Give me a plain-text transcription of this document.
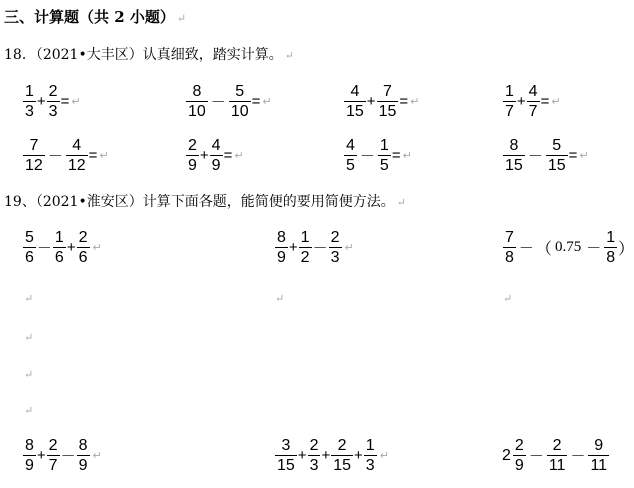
三、计算题（共 2 小题） ↵
18．（2021•大丰区）认真细致，踏实计算。 ↵
$\frac{1}{3} + \frac{2}{3}$ = ↵	$\frac{8}{10} - \frac{5}{10}$ = ↵	$\frac{4}{15} + \frac{7}{15}$ = ↵	$\frac{1}{7} + \frac{4}{7}$ = ↵
$\frac{7}{12} - \frac{4}{12}$ = ↵	$\frac{2}{9} + \frac{4}{9}$ = ↵	$\frac{4}{5} - \frac{1}{5}$ = ↵	$\frac{8}{15} - \frac{5}{15}$ = ↵
19、（2021•淮安区）计算下面各题，能简便的要用简便方法。 ↵
$\frac{5}{6} - \frac{1}{6} + \frac{2}{6}$ ↵	$\frac{8}{9} + \frac{1}{2} - \frac{2}{3}$ ↵	$\frac{7}{8}$ － （ $0.75 - \frac{1}{8}$ ）
↵	↵	↵
↵
↵
↵
$\frac{8}{9} + \frac{2}{7} - \frac{8}{9}$ ↵	$\frac{3}{15} + \frac{2}{3} + \frac{2}{15} + \frac{1}{3}$ ↵	$2 \frac{2}{9} - \frac{2}{11} - \frac{9}{11}$
